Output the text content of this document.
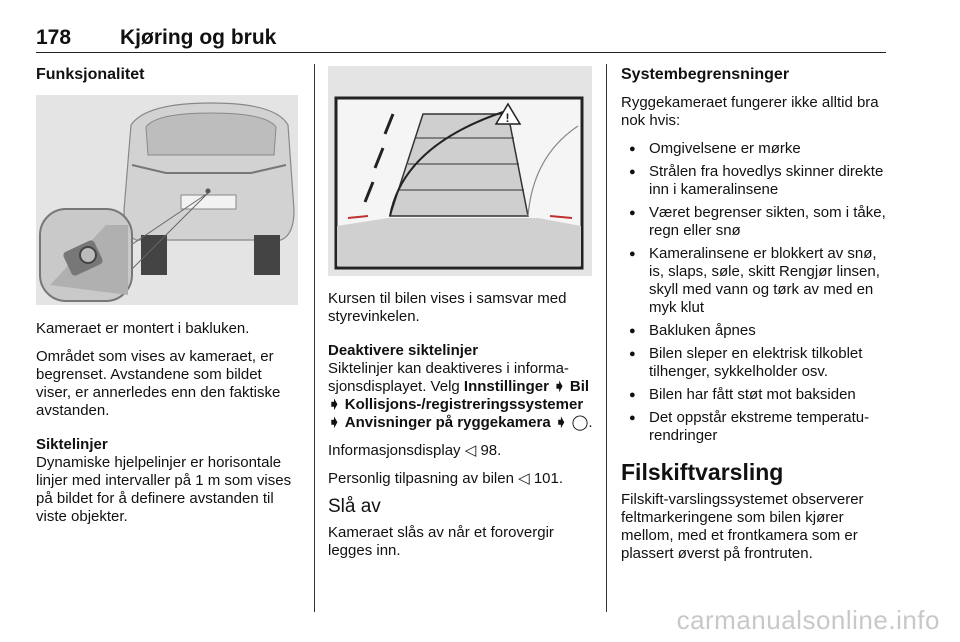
178 Kjøring og bruk
Funksjonalitet

Kameraet er montert i bakluken.

Området som vises av kameraet, er begrenset. Avstandene som bildet viser, er annerledes enn den faktiske avstanden.

Siktelinjer
Dynamiske hjelpelinjer er horisontale linjer med intervaller på 1 m som vises på bildet for å definere avstanden til viste objekter.

!

Kursen til bilen vises i samsvar med styrevinkelen.

Deaktivere siktelinjer
Siktelinjer kan deaktiveres i informa-sjonsdisplayet. Velg Innstillinger ➧ Bil ➧ Kollisjons-/registreringssystemer ➧ Anvisninger på ryggekamera ➧ ◯.

Informasjonsdisplay ◁ 98.

Personlig tilpasning av bilen ◁ 101.

Slå av

Kameraet slås av når et forovergir legges inn.

Systembegrensninger

Ryggekameraet fungerer ikke alltid bra nok hvis:

● Omgivelsene er mørke
● Strålen fra hovedlys skinner direkte inn i kameralinsene
● Været begrenser sikten, som i tåke, regn eller snø
● Kameralinsene er blokkert av snø, is, slaps, søle, skitt Rengjør linsen, skyll med vann og tørk av med en myk klut
● Bakluken åpnes
● Bilen sleper en elektrisk tilkoblet tilhenger, sykkelholder osv.
● Bilen har fått støt mot baksiden
● Det oppstår ekstreme temperatu-rendringer
Filskiftvarsling

Filskift-varslingssystemet observerer feltmarkeringene som bilen kjører mellom, med et frontkamera som er plassert øverst på frontruten.

carmanualsonline.info
